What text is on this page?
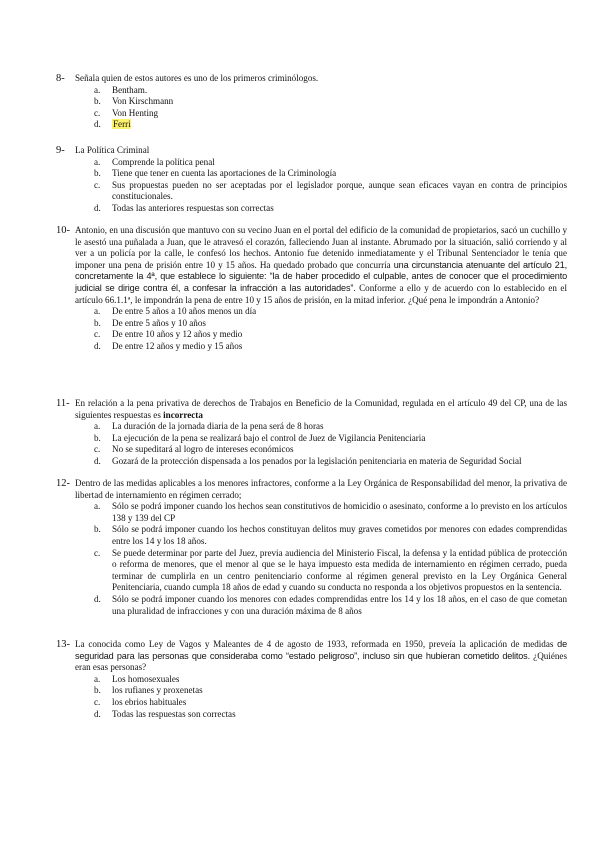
8- Señala quien de estos autores es uno de los primeros criminólogos.

a. Bentham.
b. Von Kirschmann
c. Von Henting
d. Ferri
9- La Política Criminal

a. Comprende la política penal
b. Tiene que tener en cuenta las aportaciones de la Criminología
c. Sus propuestas pueden no ser aceptadas por el legislador porque, aunque sean eficaces vayan en contra de principios constitucionales.
d. Todas las anteriores respuestas son correctas
10- Antonio, en una discusión que mantuvo con su vecino Juan en el portal del edificio de la comunidad de propietarios, sacó un cuchillo y le asestó una puñalada a Juan, que le atravesó el corazón, falleciendo Juan al instante. Abrumado por la situación, salió corriendo y al ver a un policía por la calle, le confesó los hechos. Antonio fue detenido inmediatamente y el Tribunal Sentenciador le tenía que imponer una pena de prisión entre 10 y 15 años. Ha quedado probado que concurría una circunstancia atenuante del artículo 21, concretamente la 4ª, que establece lo siguiente: “la de haber procedido el culpable, antes de conocer que el procedimiento judicial se dirige contra él, a confesar la infracción a las autoridades”. Conforme a ello y de acuerdo con lo establecido en el artículo 66.1.1ª, le impondrán la pena de entre 10 y 15 años de prisión, en la mitad inferior. ¿Qué pena le impondrán a Antonio?

a. De entre 5 años a 10 años menos un día
b. De entre 5 años y 10 años
c. De entre 10 años y 12 años y medio
d. De entre 12 años y medio y 15 años
11- En relación a la pena privativa de derechos de Trabajos en Beneficio de la Comunidad, regulada en el artículo 49 del CP, una de las siguientes respuestas es incorrecta

a. La duración de la jornada diaria de la pena será de 8 horas
b. La ejecución de la pena se realizará bajo el control de Juez de Vigilancia Penitenciaria
c. No se supeditará al logro de intereses económicos
d. Gozará de la protección dispensada a los penados por la legislación penitenciaria en materia de Seguridad Social
12- Dentro de las medidas aplicables a los menores infractores, conforme a la Ley Orgánica de Responsabilidad del menor, la privativa de libertad de internamiento en régimen cerrado;

a. Sólo se podrá imponer cuando los hechos sean constitutivos de homicidio o asesinato, conforme a lo previsto en los artículos 138 y 139 del CP
b. Sólo se podrá imponer cuando los hechos constituyan delitos muy graves cometidos por menores con edades comprendidas entre los 14 y los 18 años.
c. Se puede determinar por parte del Juez, previa audiencia del Ministerio Fiscal, la defensa y la entidad pública de protección o reforma de menores, que el menor al que se le haya impuesto esta medida de internamiento en régimen cerrado, pueda terminar de cumplirla en un centro penitenciario conforme al régimen general previsto en la Ley Orgánica General Penitenciaria, cuando cumpla 18 años de edad y cuando su conducta no responda a los objetivos propuestos en la sentencia.
d. Sólo se podrá imponer cuando los menores con edades comprendidas entre los 14 y los 18 años, en el caso de que cometan una pluralidad de infracciones y con una duración máxima de 8 años
13- La conocida como Ley de Vagos y Maleantes de 4 de agosto de 1933, reformada en 1950, preveía la aplicación de medidas de seguridad para las personas que consideraba como “estado peligroso”, incluso sin que hubieran cometido delitos. ¿Quiénes eran esas personas?

a. Los homosexuales
b. los rufianes y proxenetas
c. los ebrios habituales
d. Todas las respuestas son correctas
